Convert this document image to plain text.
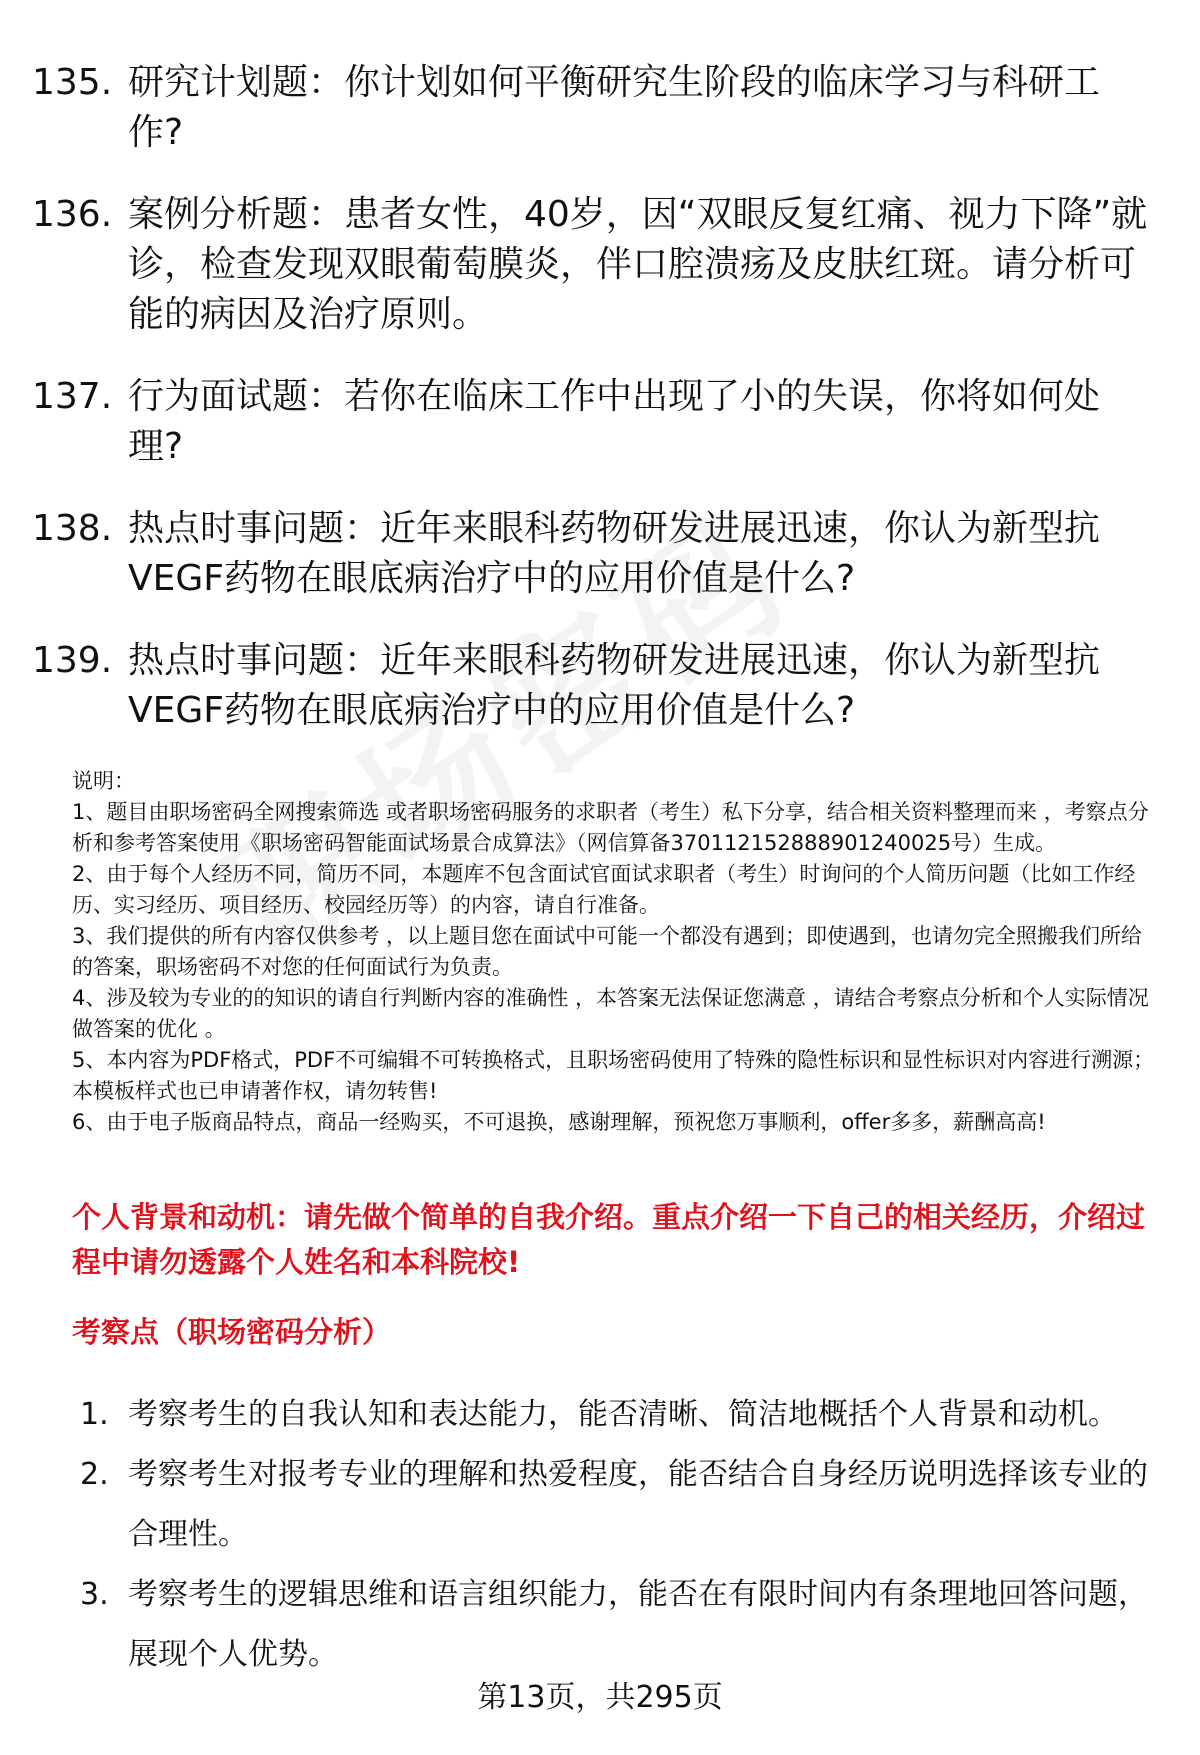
135. 研究计划题：你计划如何平衡研究生阶段的临床学习与科研工作?
136. 案例分析题：患者女性，40岁，因“双眼反复红痛、视力下降”就诊，检查发现双眼葡萄膜炎，伴口腔溃疡及皮肤红斑。请分析可能的病因及治疗原则。
137. 行为面试题：若你在临床工作中出现了小的失误，你将如何处理?
138. 热点时事问题：近年来眼科药物研发进展迅速，你认为新型抗VEGF药物在眼底病治疗中的应用价值是什么?
139. 热点时事问题：近年来眼科药物研发进展迅速，你认为新型抗VEGF药物在眼底病治疗中的应用价值是什么?

说明：

1、题目由职场密码全网搜索筛选 或者职场密码服务的求职者（考生）私下分享，结合相关资料整理而来 ，考察点分析和参考答案使用《职场密码智能面试场景合成算法》（网信算备370112152888901240025号）生成。

2、由于每个人经历不同，简历不同，本题库不包含面试官面试求职者（考生）时询问的个人简历问题（比如工作经历、实习经历、项目经历、校园经历等）的内容，请自行准备。

3、我们提供的所有内容仅供参考 ，以上题目您在面试中可能一个都没有遇到；即使遇到，也请勿完全照搬我们所给的答案，职场密码不对您的任何面试行为负责。

4、涉及较为专业的的知识的请自行判断内容的准确性 ，本答案无法保证您满意 ，请结合考察点分析和个人实际情况做答案的优化 。

5、本内容为PDF格式，PDF不可编辑不可转换格式，且职场密码使用了特殊的隐性标识和显性标识对内容进行溯源；本模板样式也已申请著作权，请勿转售!

6、由于电子版商品特点，商品一经购买，不可退换，感谢理解，预祝您万事顺利，offer多多，薪酬高高!

个人背景和动机：请先做个简单的自我介绍。重点介绍一下自己的相关经历，介绍过程中请勿透露个人姓名和本科院校!
考察点（职场密码分析）
1. 考察考生的自我认知和表达能力，能否清晰、简洁地概括个人背景和动机。
2. 考察考生对报考专业的理解和热爱程度，能否结合自身经历说明选择该专业的合理性。
3. 考察考生的逻辑思维和语言组织能力，能否在有限时间内有条理地回答问题，展现个人优势。
第13页，共295页
